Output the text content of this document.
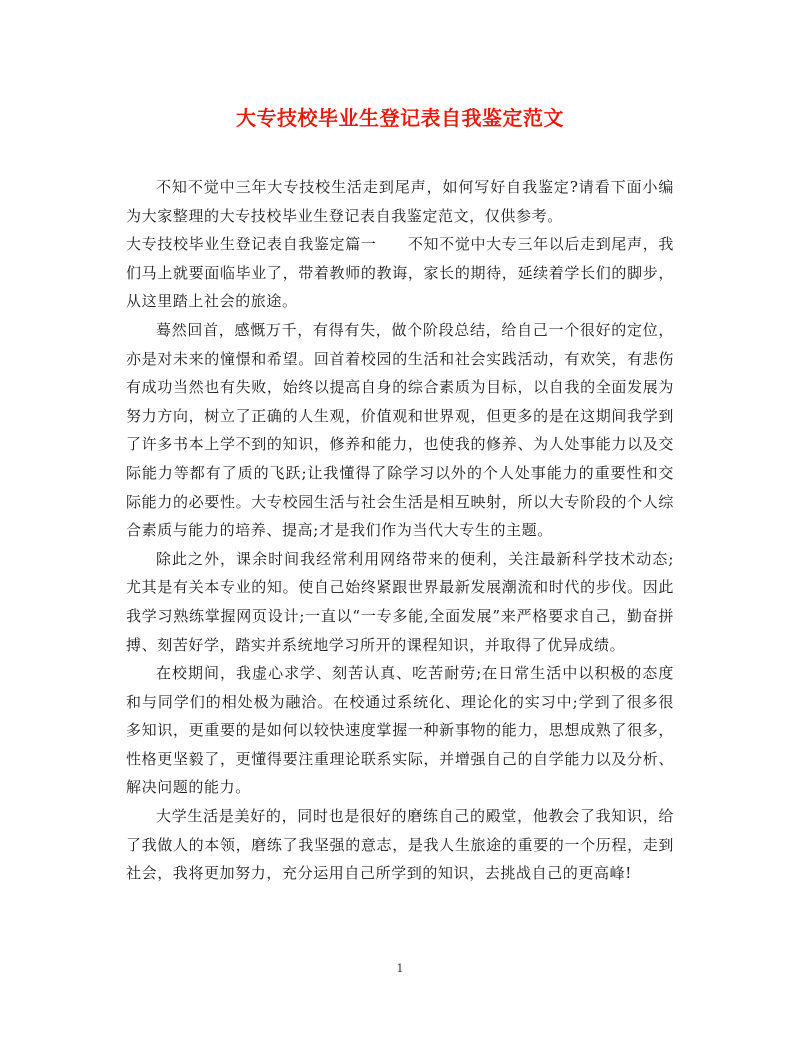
大专技校毕业生登记表自我鉴定范文

不知不觉中三年大专技校生活走到尾声，如何写好自我鉴定?请看下面小编为大家整理的大专技校毕业生登记表自我鉴定范文，仅供参考。

大专技校毕业生登记表自我鉴定篇一　　不知不觉中大专三年以后走到尾声，我们马上就要面临毕业了，带着教师的教诲，家长的期待，延续着学长们的脚步，从这里踏上社会的旅途。

蓦然回首，感慨万千，有得有失，做个阶段总结，给自己一个很好的定位，亦是对未来的憧憬和希望。回首着校园的生活和社会实践活动，有欢笑，有悲伤有成功当然也有失败，始终以提高自身的综合素质为目标，以自我的全面发展为努力方向，树立了正确的人生观，价值观和世界观，但更多的是在这期间我学到了许多书本上学不到的知识，修养和能力，也使我的修养、为人处事能力以及交际能力等都有了质的飞跃;让我懂得了除学习以外的个人处事能力的重要性和交际能力的必要性。大专校园生活与社会生活是相互映射，所以大专阶段的个人综合素质与能力的培养、提高;才是我们作为当代大专生的主题。

除此之外，课余时间我经常利用网络带来的便利，关注最新科学技术动态;尤其是有关本专业的知。使自己始终紧跟世界最新发展潮流和时代的步伐。因此我学习熟练掌握网页设计;一直以“一专多能,全面发展”来严格要求自己，勤奋拼搏、刻苦好学，踏实并系统地学习所开的课程知识，并取得了优异成绩。

在校期间，我虚心求学、刻苦认真、吃苦耐劳;在日常生活中以积极的态度和与同学们的相处极为融洽。在校通过系统化、理论化的实习中;学到了很多很多知识，更重要的是如何以较快速度掌握一种新事物的能力，思想成熟了很多，性格更坚毅了，更懂得要注重理论联系实际，并增强自己的自学能力以及分析、解决问题的能力。

大学生活是美好的，同时也是很好的磨练自己的殿堂，他教会了我知识，给了我做人的本领，磨练了我坚强的意志，是我人生旅途的重要的一个历程，走到社会，我将更加努力，充分运用自己所学到的知识，去挑战自己的更高峰!

1
